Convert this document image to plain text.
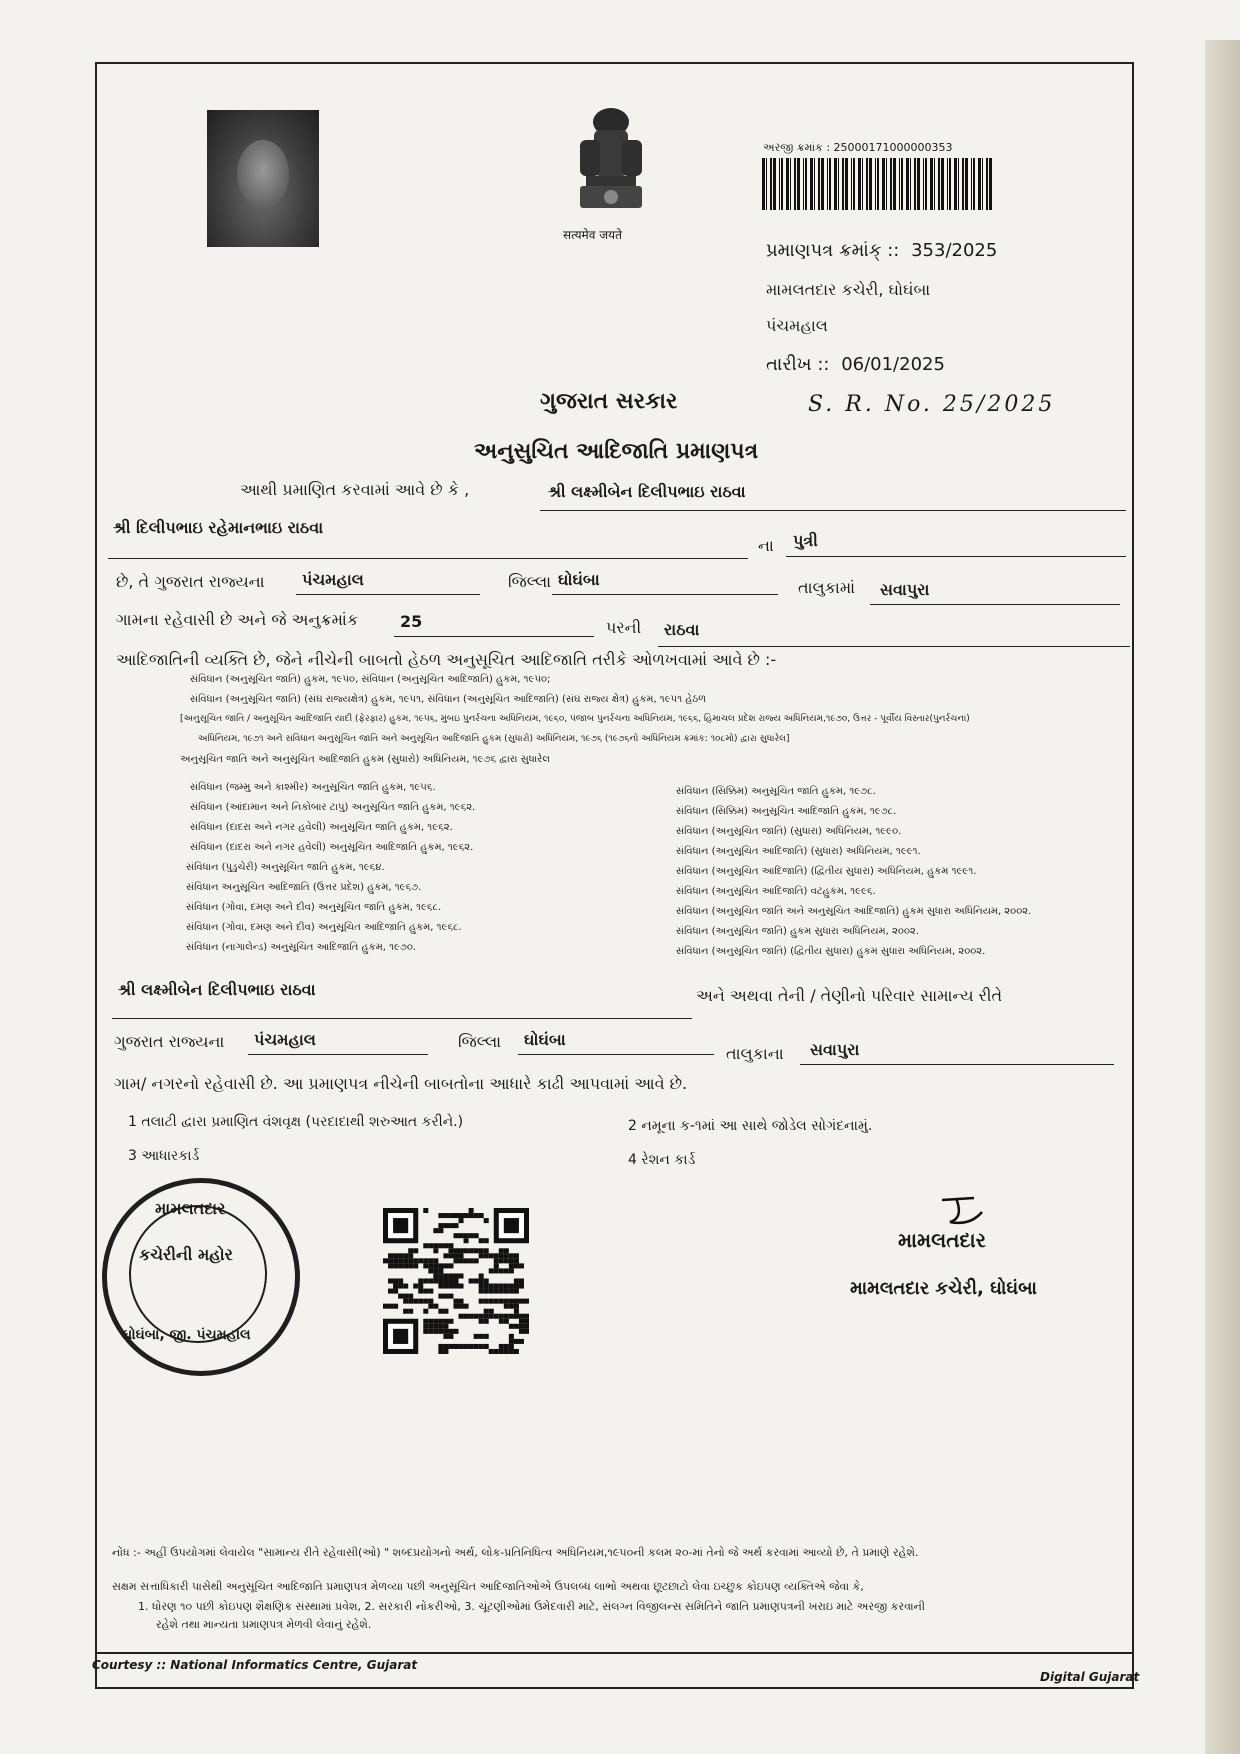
सत्यमेव जयते
અરજી ક્રમાંક : 25000171000000353
પ્રમાણપત્ર ક્રમાંક્ :: 353/2025
મામલતદાર કચેરી, ઘોઘંબા
પંચમહાલ
તારીખ :: 06/01/2025
ગુજરાત સરકાર	S. R. No. 25/2025
અનુસુચિત આદિજાતિ પ્રમાણપત્ર
આથી પ્રમાણિત કરવામાં આવે છે કે ,	શ્રી લક્ષ્મીબેન દિલીપભાઇ રાઠવા
શ્રી દિલીપભાઇ રહેમાનભાઇ રાઠવા
ના પુત્રી
છે, તે ગુજરાત રાજ્યના પંચમહાલ	જિલ્લા ઘોઘંબા	તાલુકામાં સવાપુરા
ગામના રહેવાસી છે અને જે અનુક્રમાંક	25	પરની રાઠવા
આદિજાતિની વ્યક્તિ છે, જેને નીચેની બાબતો હેઠળ અનુસૂચિત આદિજાતિ તરીકે ઓળખવામાં આવે છે :-
સંવિધાન (અનુસૂચિત જાતિ) હુકમ, ૧૯૫૦, સંવિધાન (અનુસૂચિત આદિજાતિ) હુકમ, ૧૯૫૦;
સંવિધાન (અનુસૂચિત જાતિ) (સંઘ રાજ્યક્ષેત્ર) હુકમ, ૧૯૫૧, સંવિધાન (અનુસૂચિત આદિજાતિ) (સંઘ રાજ્ય ક્ષેત્ર) હુકમ, ૧૯૫૧ હેઠળ
[અનુસૂચિત જાતિ / અનુસૂચિત આદિજાતિ યાદી (ફેરફાર) હુકમ, ૧૯૫૬, મુંબઇ પુનર્રચના અધિનિયમ, ૧૯૬૦, પંજાબ પુનર્રચના અધિનિયમ, ૧૯૬૬, હિમાચલ પ્રદેશ રાજ્ય અધિનિયમ,૧૯૭૦, ઉત્તર - પૂર્વીય વિસ્તાર(પુનર્રચના)
અધિનિયમ, ૧૯૭૧ અને સંવિધાન અનુસૂચિત જાતિ અને અનુસૂચિત આદિજાતિ હુકમ (સુધારો) અધિનિયમ, ૧૯૭૬ (૧૯૭૬નો અધિનિયમ ક્રમાંક: ૧૦૮મો) દ્વારા સુધારેલ]
અનુસૂચિત જાતિ અને અનુસૂચિત આદિજાતિ હુકમ (સુધારો) અધિનિયમ, ૧૯૭૬ દ્વારા સુધારેલ
સંવિધાન (જમ્મુ અને કાશ્મીર) અનુસૂચિત જાતિ હુકમ, ૧૯૫૬.
સંવિધાન (આંદામાન અને નિકોબાર ટાપુ) અનુસૂચિત જાતિ હુકમ, ૧૯૬૨.
સંવિધાન (દાદરા અને નગર હવેલી) અનુસૂચિત જાતિ હુકમ, ૧૯૬૨.
સંવિધાન (દાદરા અને નગર હવેલી) અનુસૂચિત આદિજાતિ હુકમ, ૧૯૬૨.
સંવિધાન (પુડુચેરી) અનુસૂચિત જાતિ હુકમ, ૧૯૬૪.
સંવિધાન અનુસૂચિત આદિજાતિ (ઉત્તર પ્રદેશ) હુકમ, ૧૯૬૭.
સંવિધાન (ગોવા, દમણ અને દીવ) અનુસૂચિત જાતિ હુકમ, ૧૯૬૮.
સંવિધાન (ગોવા, દમણ અને દીવ) અનુસૂચિત આદિજાતિ હુકમ, ૧૯૬૮.
સંવિધાન (નાગાલેન્ડ) અનુસૂચિત આદિજાતિ હુકમ, ૧૯૭૦.
સંવિધાન (સિક્કિમ) અનુસૂચિત જાતિ હુકમ, ૧૯૭૮.
સંવિધાન (સિક્કિમ) અનુસૂચિત આદિજાતિ હુકમ, ૧૯૭૮.
સંવિધાન (અનુસૂચિત જાતિ) (સુધારા) અધિનિયમ, ૧૯૯૦.
સંવિધાન (અનુસૂચિત આદિજાતિ) (સુધારા) અધિનિયમ, ૧૯૯૧.
સંવિધાન (અનુસૂચિત આદિજાતિ) (દ્વિતીય સુધારા) અધિનિયમ, હુકમ ૧૯૯૧.
સંવિધાન (અનુસૂચિત આદિજાતિ) વટહુકમ, ૧૯૯૬.
સંવિધાન (અનુસૂચિત જાતિ અને અનુસૂચિત આદિજાતિ) હુકમ સુધારા અધિનિયમ, ૨૦૦૨.
સંવિધાન (અનુસૂચિત જાતિ) હુકમ સુધારા અધિનિયમ, ૨૦૦૨.
સંવિધાન (અનુસૂચિત જાતિ) (દ્વિતીય સુધારા) હુકમ સુધારા અધિનિયમ, ૨૦૦૨.
શ્રી લક્ષ્મીબેન દિલીપભાઇ રાઠવા	અને અથવા તેની / તેણીનો પરિવાર સામાન્ય રીતે
ગુજરાત રાજ્યના પંચમહાલ	જિલ્લા ઘોઘંબા
તાલુકાના સવાપુરા
ગામ/ નગરનો રહેવાસી છે. આ પ્રમાણપત્ર નીચેની બાબતોના આધારે કાઢી આપવામાં આવે છે.
1 તલાટી દ્વારા પ્રમાણિત વંશવૃક્ષ (પરદાદાથી શરુઆત કરીને.)	2 નમૂના ક-૧માં આ સાથે જોડેલ સોગંદનામું.
3 આધારકાર્ડ	4 રેશન કાર્ડ
મામલતદાર
કચેરીની મહોર
ઘોઘંબા, જી. પંચમહાલ
મામલતદાર
મામલતદાર કચેરી, ઘોઘંબા
નોંધ :- અહીં ઉપયોગમાં લેવાયેલ "સામાન્ય રીતે રહેવાસી(ઓ) " શબ્દપ્રયોગનો અર્થ, લોક-પ્રતિનિધિત્વ અધિનિયમ,૧૯૫૦ની કલમ ૨૦-માં તેનો જે અર્થ કરવામાં આવ્યો છે, તે પ્રમાણે રહેશે.
સક્ષમ સત્તાધિકારી પાસેથી અનુસૂચિત આદિજાતિ પ્રમાણપત્ર મેળવ્યા પછી અનુસૂચિત આદિજાતિઓએ ઉપલબ્ધ લાભો અથવા છૂટછાટો લેવા ઇચ્છુક કોઇપણ વ્યક્તિએ જેવા કે,
1. ધોરણ ૧૦ પછી કોઇપણ શૈક્ષણિક સંસ્થામાં પ્રવેશ, 2. સરકારી નોકરીઓ, 3. ચૂંટણીઓમાં ઉમેદવારી માટે, સંલગ્ન વિજીલન્સ સમિતિને જાતિ પ્રમાણપત્રની ખરાઇ માટે અરજી કરવાની
રહેશે તથા માન્યતા પ્રમાણપત્ર મેળવી લેવાનું રહેશે.
Courtesy :: National Informatics Centre, Gujarat
Digital Gujarat
